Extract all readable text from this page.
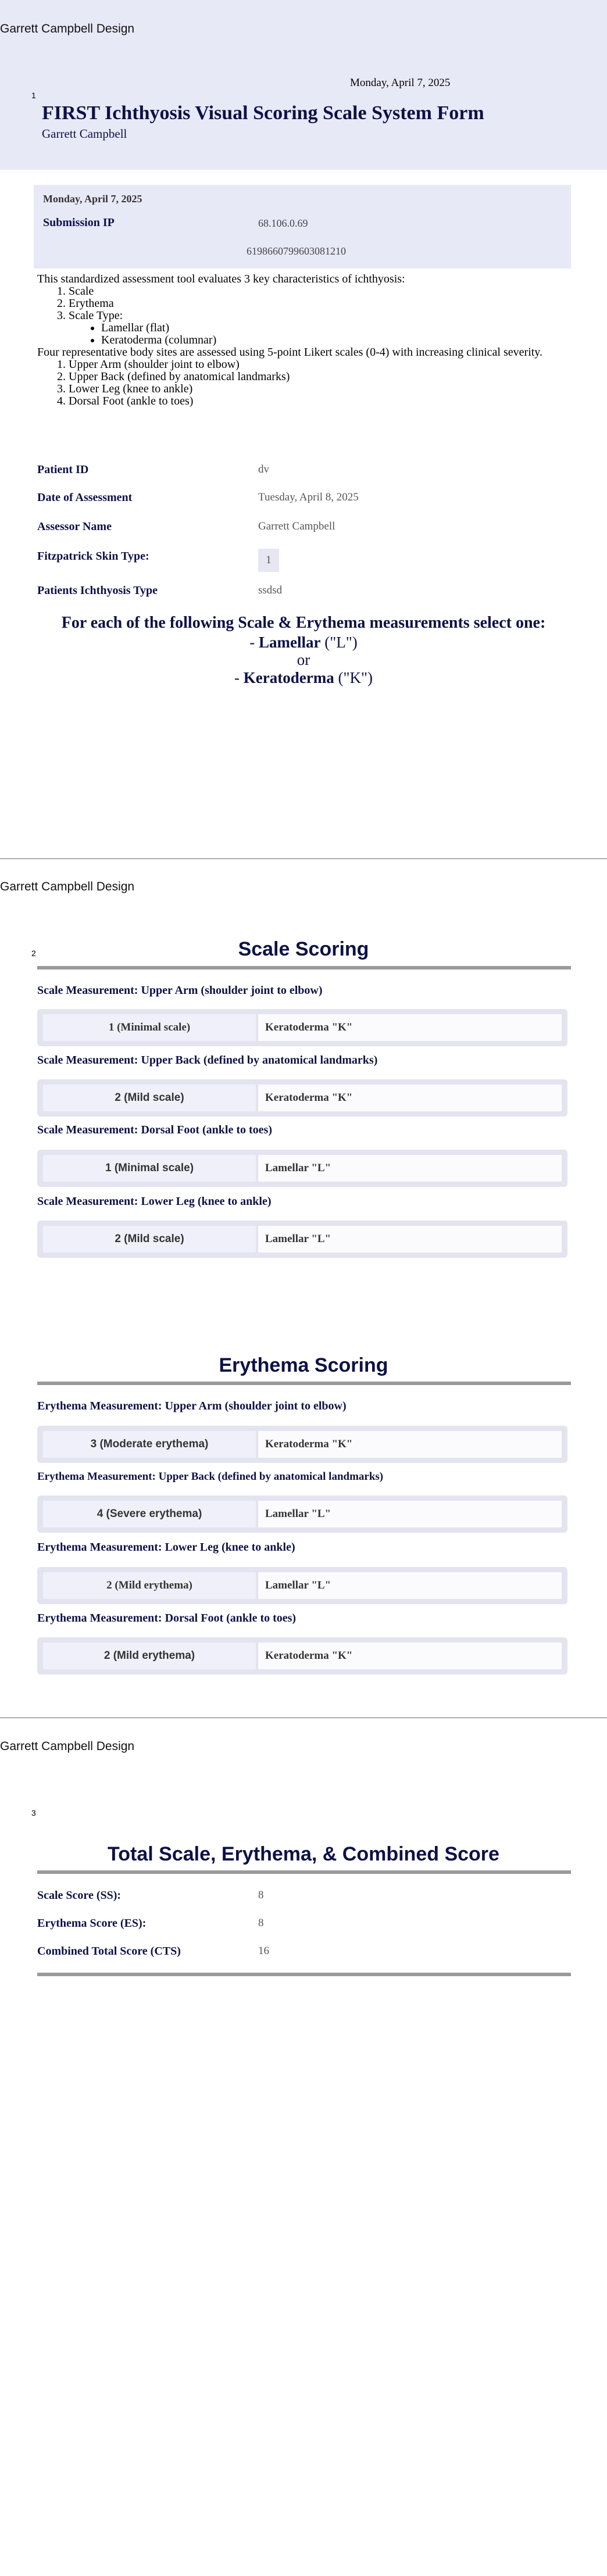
Garrett Campbell Design
Monday, April 7, 2025
FIRST Ichthyosis Visual Scoring Scale System Form
Garrett Campbell
1
Monday, April 7, 2025
Submission IP	68.106.0.69
6198660799603081210
This standardized assessment tool evaluates 3 key characteristics of ichthyosis:
1. Scale
2. Erythema
3. Scale Type:
• Lamellar (flat)
• Keratoderma (columnar)
Four representative body sites are assessed using 5-point Likert scales (0-4) with increasing clinical severity.
1. Upper Arm (shoulder joint to elbow)
2. Upper Back (defined by anatomical landmarks)
3. Lower Leg (knee to ankle)
4. Dorsal Foot (ankle to toes)
Patient ID	dv
Date of Assessment	Tuesday, April 8, 2025
Assessor Name	Garrett Campbell
Fitzpatrick Skin Type:	1
Patients Ichthyosis Type	ssdsd
For each of the following Scale & Erythema measurements select one:
- Lamellar ("L")
or
- Keratoderma ("K")
Garrett Campbell Design
2	Scale Scoring
Scale Measurement: Upper Arm (shoulder joint to elbow)
1 (Minimal scale)	Keratoderma "K"
Scale Measurement: Upper Back (defined by anatomical landmarks)
2 (Mild scale)	Keratoderma "K"
Scale Measurement: Dorsal Foot (ankle to toes)
1 (Minimal scale)	Lamellar "L"
Scale Measurement: Lower Leg (knee to ankle)
2 (Mild scale)	Lamellar "L"
Erythema Scoring
Erythema Measurement: Upper Arm (shoulder joint to elbow)
3 (Moderate erythema)	Keratoderma "K"
Erythema Measurement: Upper Back (defined by anatomical landmarks)
4 (Severe erythema)	Lamellar "L"
Erythema Measurement: Lower Leg (knee to ankle)
2 (Mild erythema)	Lamellar "L"
Erythema Measurement: Dorsal Foot (ankle to toes)
2 (Mild erythema)	Keratoderma "K"
Garrett Campbell Design
3
Total Scale, Erythema, & Combined Score
Scale Score (SS):	8
Erythema Score (ES):	8
Combined Total Score (CTS)	16
